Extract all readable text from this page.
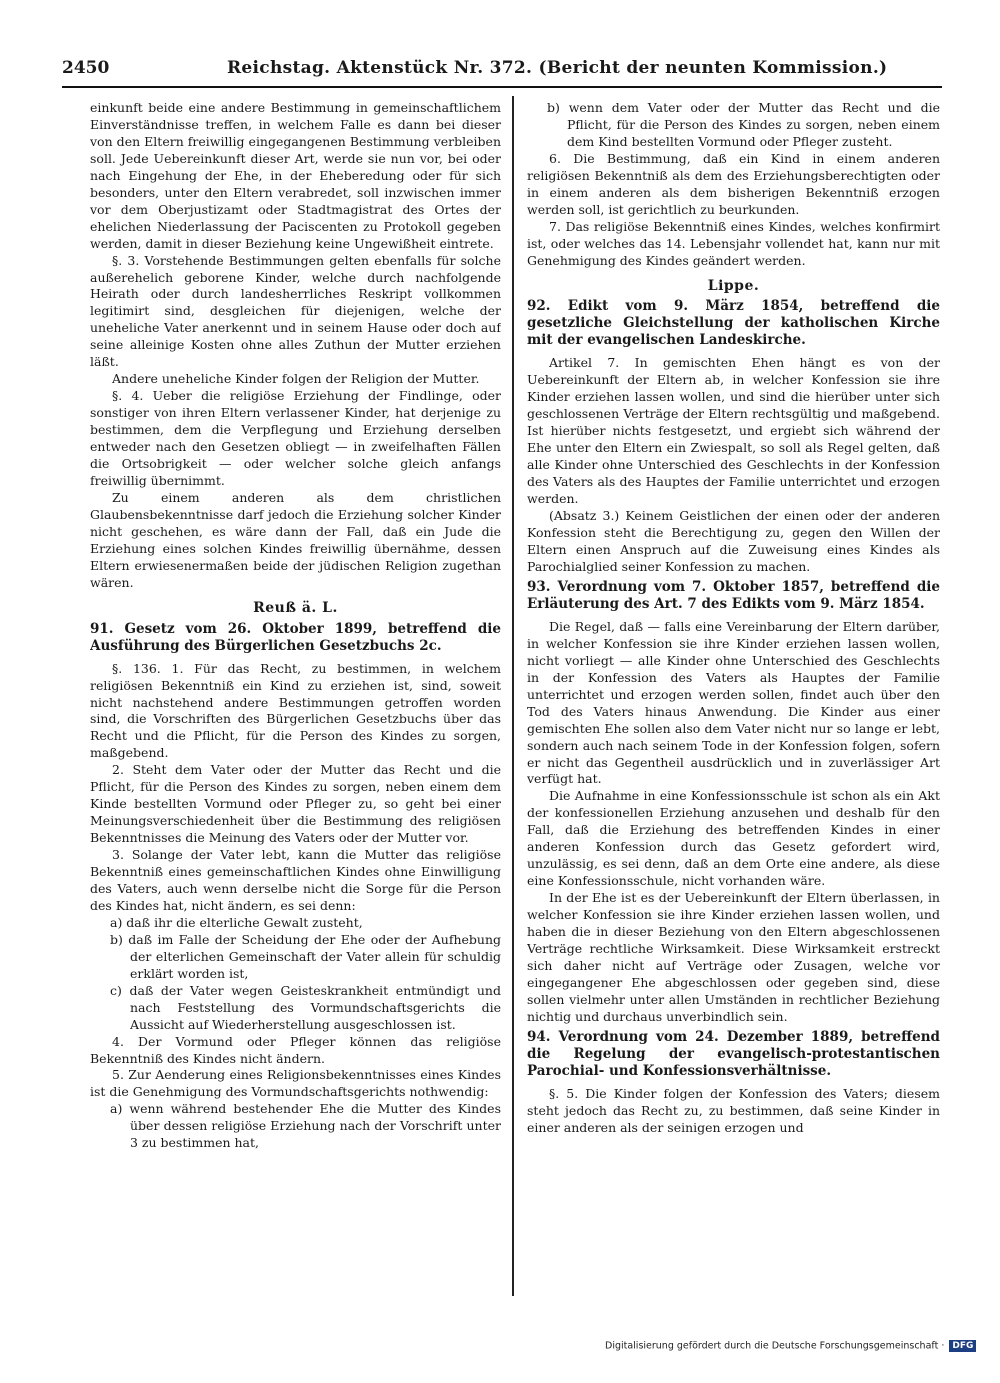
2450	Reichstag. Aktenstück Nr. 372. (Bericht der neunten Kommission.)

einkunft beide eine andere Bestimmung in gemeinschaftlichem Einverständnisse treffen, in welchem Falle es dann bei dieser von den Eltern freiwillig eingegangenen Bestimmung verbleiben soll. Jede Uebereinkunft dieser Art, werde sie nun vor, bei oder nach Eingehung der Ehe, in der Eheberedung oder für sich besonders, unter den Eltern verabredet, soll inzwischen immer vor dem Oberjustizamt oder Stadtmagistrat des Ortes der ehelichen Niederlassung der Paciscenten zu Protokoll gegeben werden, damit in dieser Beziehung keine Ungewißheit eintrete.

§. 3. Vorstehende Bestimmungen gelten ebenfalls für solche außerehelich geborene Kinder, welche durch nachfolgende Heirath oder durch landesherrliches Reskript vollkommen legitimirt sind, desgleichen für diejenigen, welche der uneheliche Vater anerkennt und in seinem Hause oder doch auf seine alleinige Kosten ohne alles Zuthun der Mutter erziehen läßt.

Andere uneheliche Kinder folgen der Religion der Mutter.

§. 4. Ueber die religiöse Erziehung der Findlinge, oder sonstiger von ihren Eltern verlassener Kinder, hat derjenige zu bestimmen, dem die Verpflegung und Erziehung derselben entweder nach den Gesetzen obliegt — in zweifelhaften Fällen die Ortsobrigkeit — oder welcher solche gleich anfangs freiwillig übernimmt.

Zu einem anderen als dem christlichen Glaubensbekenntnisse darf jedoch die Erziehung solcher Kinder nicht geschehen, es wäre dann der Fall, daß ein Jude die Erziehung eines solchen Kindes freiwillig übernähme, dessen Eltern erwiesenermaßen beide der jüdischen Religion zugethan wären.

Reuß ä. L.
91. Gesetz vom 26. Oktober 1899, betreffend die Ausführung des Bürgerlichen Gesetzbuchs 2c.

§. 136. 1. Für das Recht, zu bestimmen, in welchem religiösen Bekenntniß ein Kind zu erziehen ist, sind, soweit nicht nachstehend andere Bestimmungen getroffen worden sind, die Vorschriften des Bürgerlichen Gesetzbuchs über das Recht und die Pflicht, für die Person des Kindes zu sorgen, maßgebend.

2. Steht dem Vater oder der Mutter das Recht und die Pflicht, für die Person des Kindes zu sorgen, neben einem dem Kinde bestellten Vormund oder Pfleger zu, so geht bei einer Meinungsverschiedenheit über die Bestimmung des religiösen Bekenntnisses die Meinung des Vaters oder der Mutter vor.

3. Solange der Vater lebt, kann die Mutter das religiöse Bekenntniß eines gemeinschaftlichen Kindes ohne Einwilligung des Vaters, auch wenn derselbe nicht die Sorge für die Person des Kindes hat, nicht ändern, es sei denn:

a) daß ihr die elterliche Gewalt zusteht,

b) daß im Falle der Scheidung der Ehe oder der Aufhebung der elterlichen Gemeinschaft der Vater allein für schuldig erklärt worden ist,

c) daß der Vater wegen Geisteskrankheit entmündigt und nach Feststellung des Vormundschaftsgerichts die Aussicht auf Wiederherstellung ausgeschlossen ist.

4. Der Vormund oder Pfleger können das religiöse Bekenntniß des Kindes nicht ändern.

5. Zur Aenderung eines Religionsbekenntnisses eines Kindes ist die Genehmigung des Vormundschaftsgerichts nothwendig:

a) wenn während bestehender Ehe die Mutter des Kindes über dessen religiöse Erziehung nach der Vorschrift unter 3 zu bestimmen hat,

b) wenn dem Vater oder der Mutter das Recht und die Pflicht, für die Person des Kindes zu sorgen, neben einem dem Kind bestellten Vormund oder Pfleger zusteht.

6. Die Bestimmung, daß ein Kind in einem anderen religiösen Bekenntniß als dem des Erziehungsberechtigten oder in einem anderen als dem bisherigen Bekenntniß erzogen werden soll, ist gerichtlich zu beurkunden.

7. Das religiöse Bekenntniß eines Kindes, welches konfirmirt ist, oder welches das 14. Lebensjahr vollendet hat, kann nur mit Genehmigung des Kindes geändert werden.

Lippe.
92. Edikt vom 9. März 1854, betreffend die gesetzliche Gleichstellung der katholischen Kirche mit der evangelischen Landeskirche.

Artikel 7. In gemischten Ehen hängt es von der Uebereinkunft der Eltern ab, in welcher Konfession sie ihre Kinder erziehen lassen wollen, und sind die hierüber unter sich geschlossenen Verträge der Eltern rechtsgültig und maßgebend. Ist hierüber nichts festgesetzt, und ergiebt sich während der Ehe unter den Eltern ein Zwiespalt, so soll als Regel gelten, daß alle Kinder ohne Unterschied des Geschlechts in der Konfession des Vaters als des Hauptes der Familie unterrichtet und erzogen werden.

(Absatz 3.) Keinem Geistlichen der einen oder der anderen Konfession steht die Berechtigung zu, gegen den Willen der Eltern einen Anspruch auf die Zuweisung eines Kindes als Parochialglied seiner Konfession zu machen.

93. Verordnung vom 7. Oktober 1857, betreffend die Erläuterung des Art. 7 des Edikts vom 9. März 1854.

Die Regel, daß — falls eine Vereinbarung der Eltern darüber, in welcher Konfession sie ihre Kinder erziehen lassen wollen, nicht vorliegt — alle Kinder ohne Unterschied des Geschlechts in der Konfession des Vaters als Hauptes der Familie unterrichtet und erzogen werden sollen, findet auch über den Tod des Vaters hinaus Anwendung. Die Kinder aus einer gemischten Ehe sollen also dem Vater nicht nur so lange er lebt, sondern auch nach seinem Tode in der Konfession folgen, sofern er nicht das Gegentheil ausdrücklich und in zuverlässiger Art verfügt hat.

Die Aufnahme in eine Konfessionsschule ist schon als ein Akt der konfessionellen Erziehung anzusehen und deshalb für den Fall, daß die Erziehung des betreffenden Kindes in einer anderen Konfession durch das Gesetz gefordert wird, unzulässig, es sei denn, daß an dem Orte eine andere, als diese eine Konfessionsschule, nicht vorhanden wäre.

In der Ehe ist es der Uebereinkunft der Eltern überlassen, in welcher Konfession sie ihre Kinder erziehen lassen wollen, und haben die in dieser Beziehung von den Eltern abgeschlossenen Verträge rechtliche Wirksamkeit. Diese Wirksamkeit erstreckt sich daher nicht auf Verträge oder Zusagen, welche vor eingegangener Ehe abgeschlossen oder gegeben sind, diese sollen vielmehr unter allen Umständen in rechtlicher Beziehung nichtig und durchaus unverbindlich sein.

94. Verordnung vom 24. Dezember 1889, betreffend die Regelung der evangelisch-protestantischen Parochial- und Konfessionsverhältnisse.

§. 5. Die Kinder folgen der Konfession des Vaters; diesem steht jedoch das Recht zu, zu bestimmen, daß seine Kinder in einer anderen als der seinigen erzogen und

Digitalisierung gefördert durch die Deutsche Forschungsgemeinschaft · DFG
